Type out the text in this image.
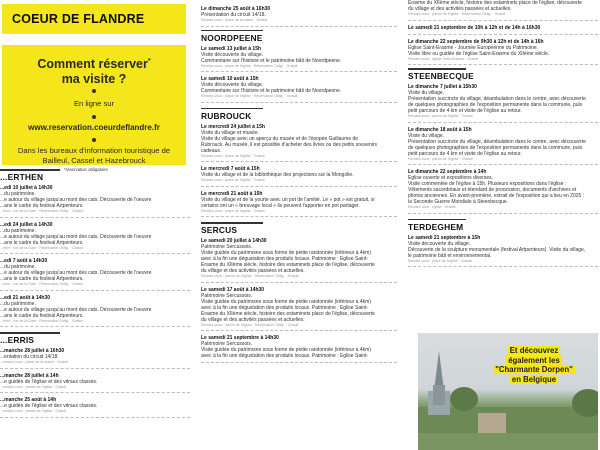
COEUR DE FLANDRE
Comment réserver*
ma visite ?
En ligne sur
www.reservation.coeurdeflandre.fr
Dans les bureaux d'information touristique de
Bailleul, Cassel et Hazebrouck
*réservation obligatoire
...ERTHEN
...edi 10 juillet à 14h30
...du patrimoine.
...e autour du village jusqu'au mont des cats. Découverte de l'oeuvre
...ans le cadre du festival Artpenteurs.
...érier : rue de la Gare · Réservation Oblig. · Gratuit
...edi 24 juillet à 14h30
...du patrimoine.
...e autour du village jusqu'au mont des cats. Découverte de l'oeuvre
...ans le cadre du festival Artpenteurs.
...érier : rue de la Gare · Réservation Oblig. · Gratuit
...edi 7 août à 14h30
...du patrimoine.
...e autour du village jusqu'au mont des cats. Découverte de l'oeuvre
...ans le cadre du festival Artpenteurs.
...érier : rue de la Gare · Réservation Oblig. · Gratuit
...edi 21 août à 14h30
...du patrimoine.
...e autour du village jusqu'au mont des cats. Découverte de l'oeuvre
...ans le cadre du festival Artpenteurs.
...érier : rue de la Gare · Réservation Oblig. · Gratuit
...ERRIS
...manche 28 juillet à 16h30
...entation du circuit 14/18.
...rendez-vous : place de la mairie · Gratuit
...manche 28 juillet à 14h
...e guidée de l'église et des vitraux classés.
...rendez-vous : parvis de l'église · Gratuit
...manche 25 août à 14h
...e guidée de l'église et des vitraux classés.
...rendez-vous : parvis de l'église · Gratuit
Le dimanche 25 août à 16h30
Présentation du circuit 14/18.
Rendez-vous : place de la mairie · Gratuit
NOORDPEENE
Le samedi 13 juillet à 15h
Visite découverte du village.
Commentaire sur l'histoire et le patrimoine bâti de Noordpeene.
Rendez-vous : place de l'église · Réservation Oblig. · Gratuit
Le samedi 10 août à 15h
Visite découverte du village.
Commentaire sur l'histoire et le patrimoine bâti de Noordpeene.
Rendez-vous : place de l'église · Réservation Oblig. · Gratuit
RUBROUCK
Le mercredi 24 juillet à 15h
Visite du village et musée.
Visite du village avec un aperçu du musée et de l'épopée Guillaume de
Rubrouck. Au musée, il est possible d'acheter des livres ou des petits souvenirs
cadeaux.
Rendez-vous : place de l'église · Gratuit
Le mercredi 7 août à 15h
Visite du village et de la bibliothèque des projections sur la Mongolie.
Rendez-vous : place de l'église · Gratuit
Le mercredi 21 août à 15h
Visite du village et de la yourte avec un pot de l'amitié. Le « pot » est gratuit, si
certains ont un « breuvage local » ils peuvent l'apporter en pot partager.
Rendez-vous : place de l'église · Gratuit
SERCUS
Le samedi 20 juillet à 14h30
Patrimoine Sercussois.
Visite guidée du patrimoine sous forme de petite randonnée (inférieur à 4km)
avec à la fin une dégustation des produits locaux. Patrimoine : Eglise Saint-
Erasme du XIIème siècle, histoire des estaminets place de l'église, découverte
du village et des activités passées et actuelles.
Rendez-vous : parvis de l'église · Réservation Oblig. · Gratuit
Le samedi 17 août à 14h30
Patrimoine Sercussois.
Visite guidée du patrimoine sous forme de petite randonnée (inférieur à 4km)
avec à la fin une dégustation des produits locaux. Patrimoine : Eglise Saint-
Erasme du XIIème siècle, histoire des estaminets place de l'église, découverte
du village et des activités passées et actuelles.
Rendez-vous : parvis de l'église · Réservation Oblig. · Gratuit
Le samedi 21 septembre à 14h30
Patrimoine Sercussois.
Visite guidée du patrimoine sous forme de petite randonnée (inférieur à 4km)
avec à la fin une dégustation des produits locaux. Patrimoine : Eglise Saint-
Erasme du XIIème siècle, histoire des estaminets place de l'église, découverte
du village et des activités passées et actuelles.
Rendez-vous : parvis de l'église · Réservation Oblig. · Gratuit
Le samedi 21 septembre de 10h à 12h et de 14h à 16h30
Le dimanche 22 septembre de 9h30 à 12h et de 14h à 16h
Eglise Saint-Erasme - Journée Européenne du Patrimoine.
Visite libre ou guidée de l'église Saint-Erasme du XIIème siècle.
Rendez-vous : église Saint-Erasme · Gratuit
STEENBECQUE
Le dimanche 7 juillet à 15h30
Visite du village.
Présentation succincte du village, déambulation dans le centre, avec découverte
de quelques photographies de l'exposition permanente dans la commune, puis
petit parcours de 4 km et visite de l'église au retour.
Rendez-vous : parvis de l'église · Gratuit
Le dimanche 18 août à 15h
Visite du village.
Présentation succincte du village, déambulation dans le centre, avec découverte
de quelques photographies de l'exposition permanente dans la commune, puis
petit parcours de 4 km et visite de l'église au retour.
Rendez-vous : parvis de l'église · Gratuit
Le dimanche 22 septembre à 14h
Eglise ouverte et expositions diverses.
Visite commentée de l'église à 15h. Plusieurs expositions dans l'église :
Vêtements sacerdotaux et étendard de procession, documents d'archives et
photos anciennes. En avant-première, extrait de l'exposition qui a lieu en 2025 :
la Seconde Guerre Mondiale à Steenbecque.
Rendez-vous : église · Gratuit
TERDEGHEM
Le samedi 21 septembre à 15h
Visite découverte du village.
Découverte de la sculpture monumentale (festival Artpenteurs). Visite du village,
le patrimoine bâti et environnemental.
Rendez-vous : place de l'église · Gratuit
Et découvrez
également les
"Charmante Dorpen"
en Belgique
